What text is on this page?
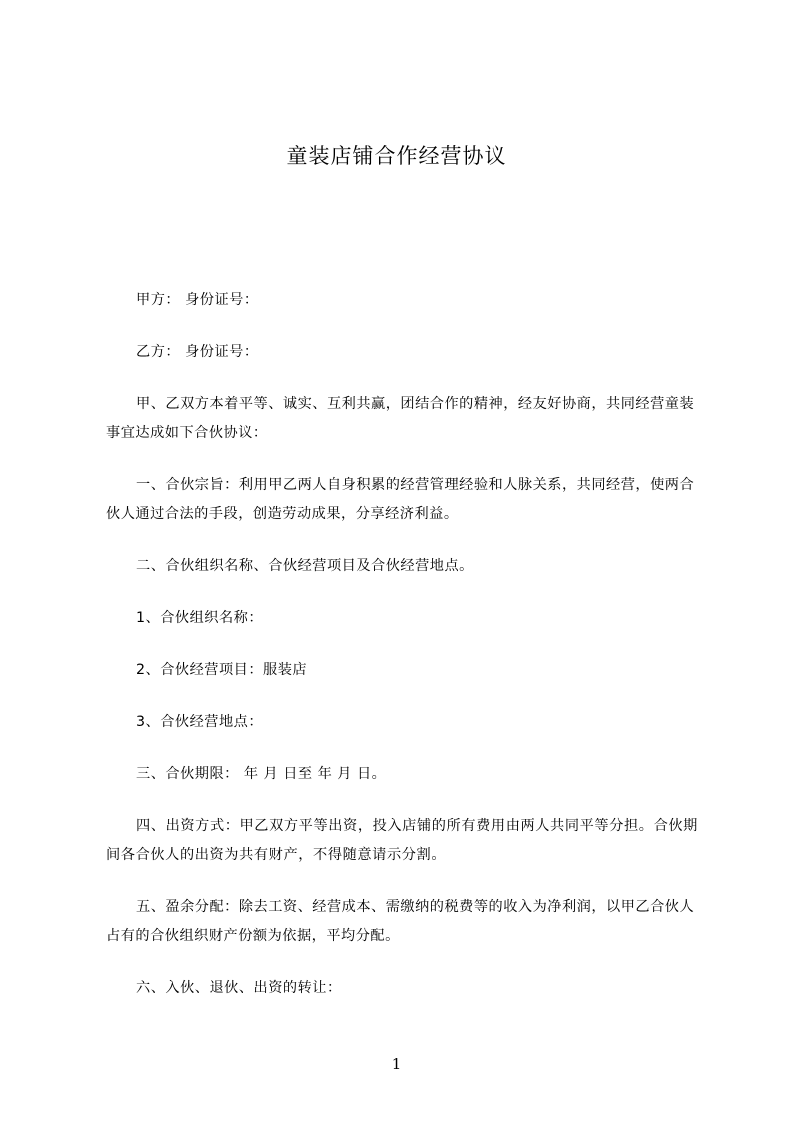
童装店铺合作经营协议

甲方： 身份证号：

乙方： 身份证号：

甲、乙双方本着平等、诚实、互利共赢，团结合作的精神，经友好协商，共同经营童装事宜达成如下合伙协议：

一、合伙宗旨：利用甲乙两人自身积累的经营管理经验和人脉关系，共同经营，使两合伙人通过合法的手段，创造劳动成果，分享经济利益。

二、合伙组织名称、合伙经营项目及合伙经营地点。

1、合伙组织名称：

2、合伙经营项目：服装店

3、合伙经营地点：

三、合伙期限： 年 月 日至 年 月 日。

四、出资方式：甲乙双方平等出资，投入店铺的所有费用由两人共同平等分担。合伙期间各合伙人的出资为共有财产，不得随意请示分割。

五、盈余分配：除去工资、经营成本、需缴纳的税费等的收入为净利润，以甲乙合伙人占有的合伙组织财产份额为依据，平均分配。

六、入伙、退伙、出资的转让：

1
